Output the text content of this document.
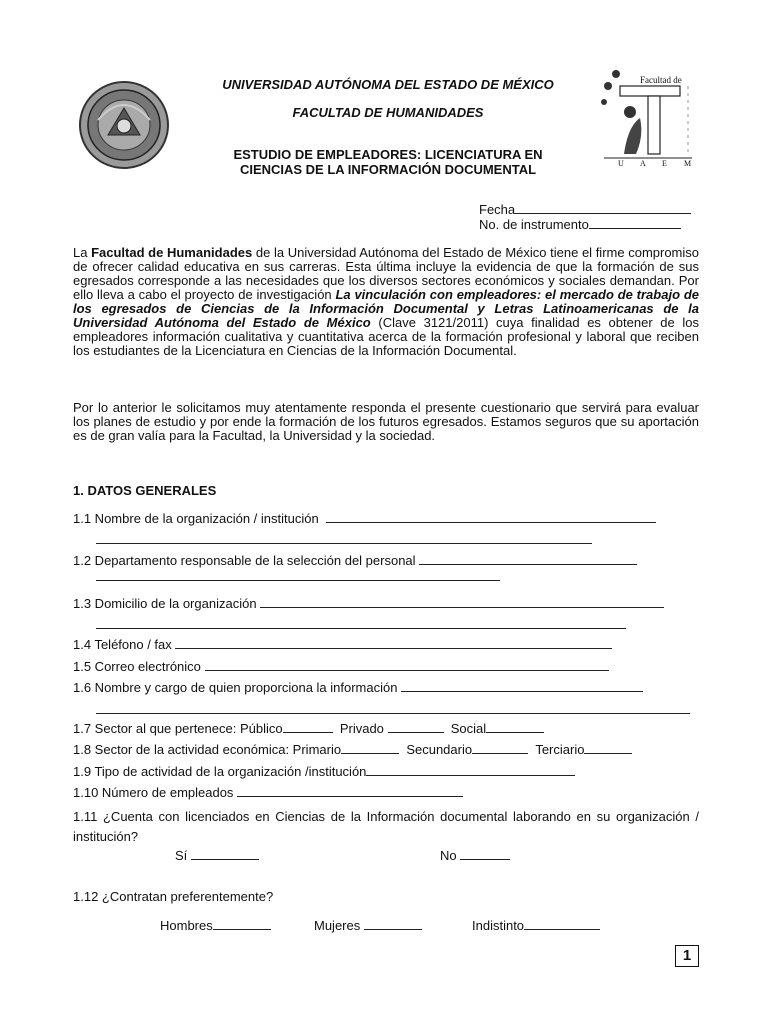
Facultad de
U A E M
UNIVERSIDAD AUTÓNOMA DEL ESTADO DE MÉXICO
FACULTAD DE HUMANIDADES
ESTUDIO DE EMPLEADORES: LICENCIATURA EN
CIENCIAS DE LA INFORMACIÓN DOCUMENTAL
Fecha
No. de instrumento
La Facultad de Humanidades de la Universidad Autónoma del Estado de México tiene el firme compromiso de ofrecer calidad educativa en sus carreras. Esta última incluye la evidencia de que la formación de sus egresados corresponde a las necesidades que los diversos sectores económicos y sociales demandan. Por ello lleva a cabo el proyecto de investigación La vinculación con empleadores: el mercado de trabajo de los egresados de Ciencias de la Información Documental y Letras Latinoamericanas de la Universidad Autónoma del Estado de México (Clave 3121/2011) cuya finalidad es obtener de los empleadores información cualitativa y cuantitativa acerca de la formación profesional y laboral que reciben los estudiantes de la Licenciatura en Ciencias de la Información Documental.
Por lo anterior le solicitamos muy atentamente responda el presente cuestionario que servirá para evaluar los planes de estudio y por ende la formación de los futuros egresados. Estamos seguros que su aportación es de gran valía para la Facultad, la Universidad y la sociedad.
1. DATOS GENERALES
1.1 Nombre de la organización / institución
1.2 Departamento responsable de la selección del personal
1.3 Domicilio de la organización
1.4 Teléfono / fax
1.5 Correo electrónico
1.6 Nombre y cargo de quien proporciona la información
1.7 Sector al que pertenece: Público	Privado	Social
1.8 Sector de la actividad económica: Primario	Secundario	Terciario
1.9 Tipo de actividad de la organización /institución
1.10 Número de empleados
1.11 ¿Cuenta con licenciados en Ciencias de la Información documental laborando en su organización / institución?
Sí	No
1.12 ¿Contratan preferentemente?
Hombres	Mujeres	Indistinto
1
